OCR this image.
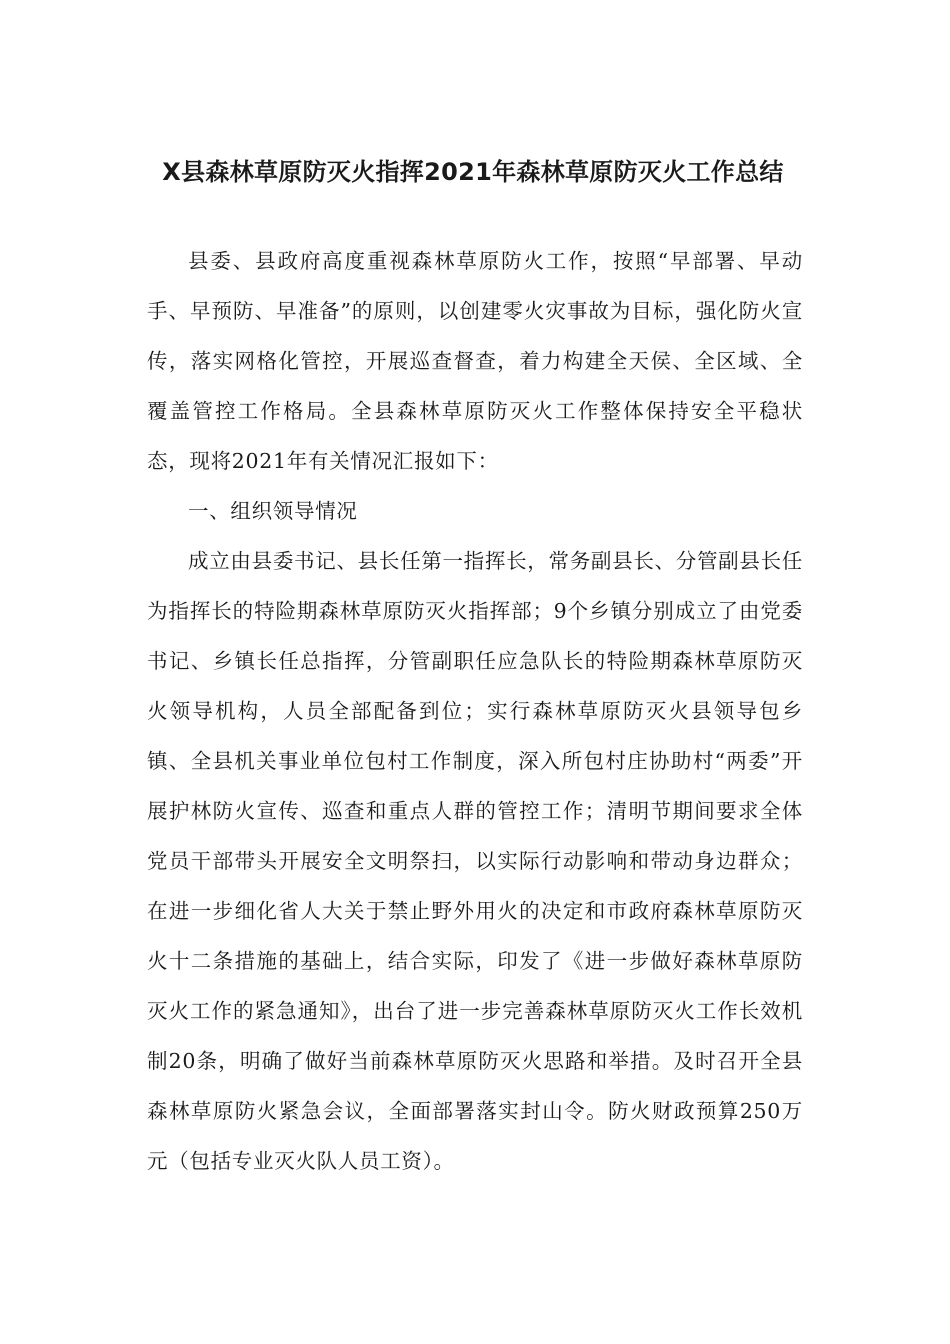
X县森林草原防灭火指挥2021年森林草原防灭火工作总结

县委、县政府高度重视森林草原防火工作，按照“早部署、早动手、早预防、早准备”的原则，以创建零火灾事故为目标，强化防火宣传，落实网格化管控，开展巡查督查，着力构建全天侯、全区域、全覆盖管控工作格局。全县森林草原防灭火工作整体保持安全平稳状态，现将2021年有关情况汇报如下：

一、组织领导情况

成立由县委书记、县长任第一指挥长，常务副县长、分管副县长任为指挥长的特险期森林草原防灭火指挥部；9个乡镇分别成立了由党委书记、乡镇长任总指挥，分管副职任应急队长的特险期森林草原防灭火领导机构，人员全部配备到位；实行森林草原防灭火县领导包乡镇、全县机关事业单位包村工作制度，深入所包村庄协助村“两委”开展护林防火宣传、巡查和重点人群的管控工作；清明节期间要求全体党员干部带头开展安全文明祭扫，以实际行动影响和带动身边群众；在进一步细化省人大关于禁止野外用火的决定和市政府森林草原防灭火十二条措施的基础上，结合实际，印发了《进一步做好森林草原防灭火工作的紧急通知》，出台了进一步完善森林草原防灭火工作长效机制20条，明确了做好当前森林草原防灭火思路和举措。及时召开全县森林草原防火紧急会议，全面部署落实封山令。防火财政预算250万元（包括专业灭火队人员工资）。
